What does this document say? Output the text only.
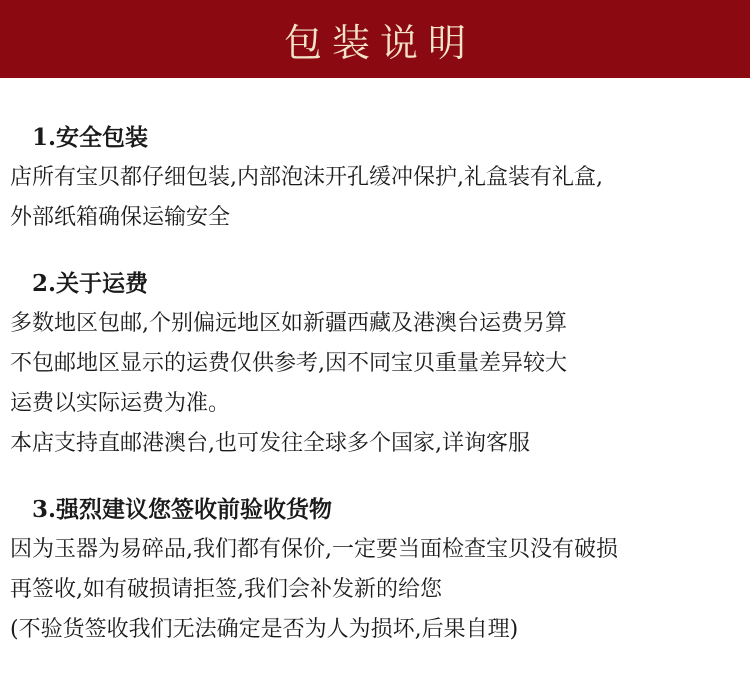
包装说明
1.安全包装
店所有宝贝都仔细包装,内部泡沫开孔缓冲保护,礼盒装有礼盒,
外部纸箱确保运输安全
2.关于运费
多数地区包邮,个别偏远地区如新疆西藏及港澳台运费另算
不包邮地区显示的运费仅供参考,因不同宝贝重量差异较大
运费以实际运费为准。
本店支持直邮港澳台,也可发往全球多个国家,详询客服
3.强烈建议您签收前验收货物
因为玉器为易碎品,我们都有保价,一定要当面检查宝贝没有破损
再签收,如有破损请拒签,我们会补发新的给您
(不验货签收我们无法确定是否为人为损坏,后果自理)
